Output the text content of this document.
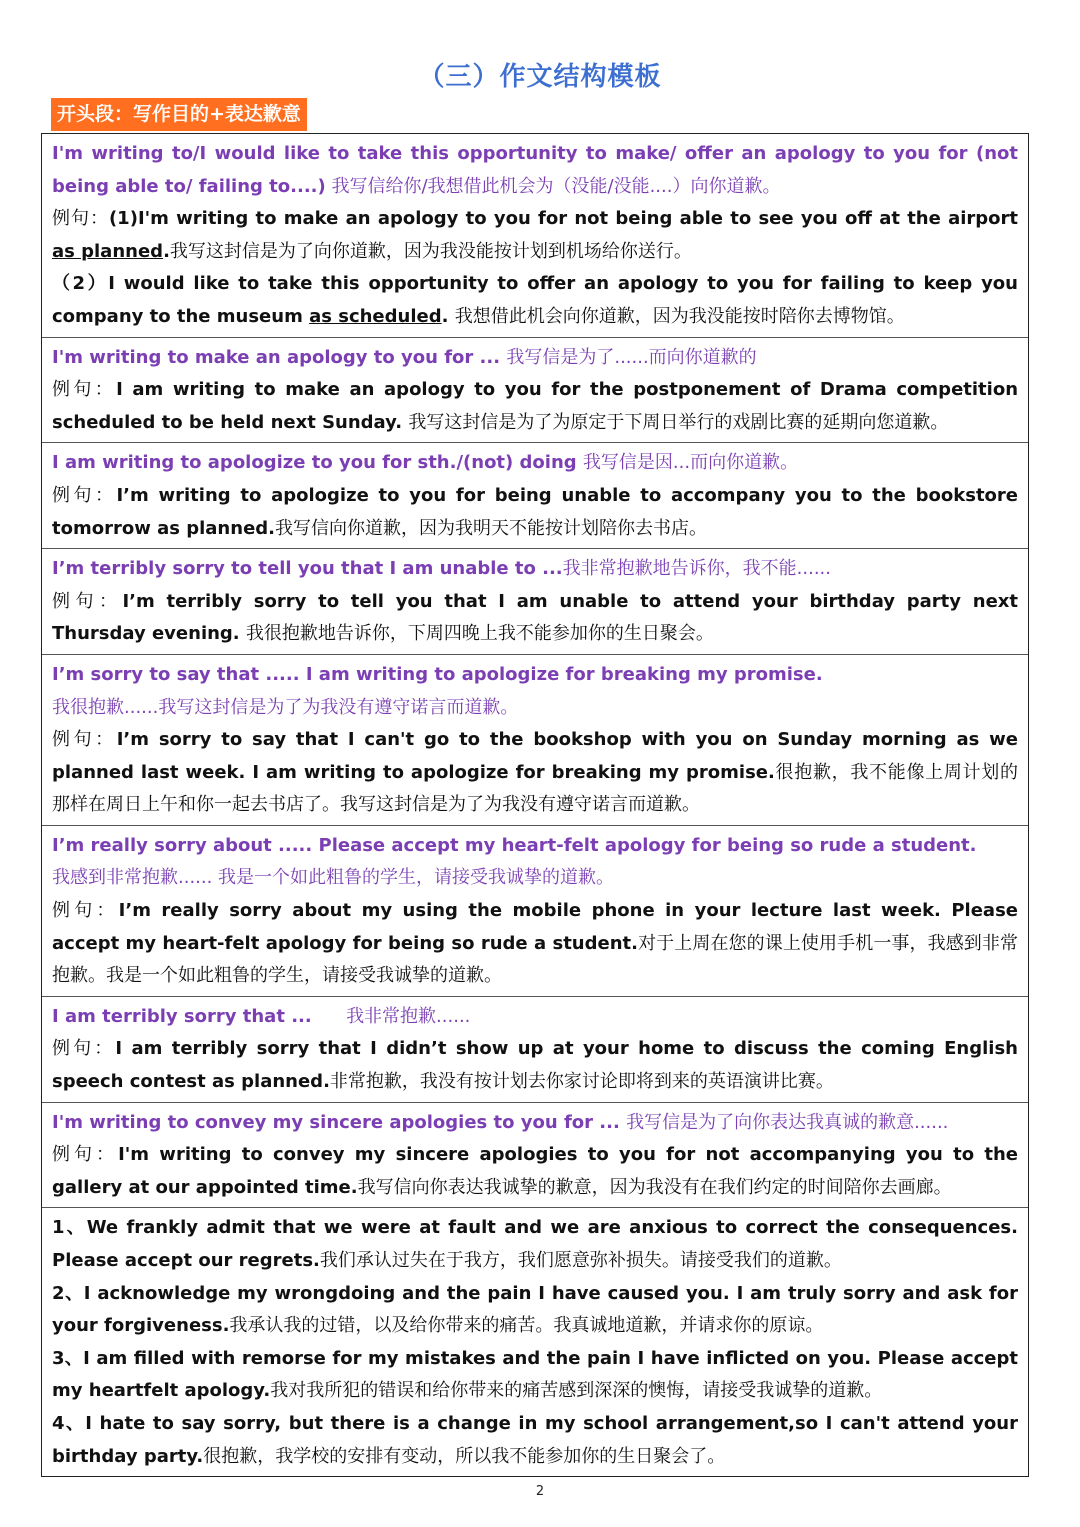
（三）作文结构模板
开头段：写作目的+表达歉意

I'm writing to/I would like to take this opportunity to make/ offer an apology to you for (not being able to/ failing to....) 我写信给你/我想借此机会为（没能/没能....）向你道歉。

例句：(1)I'm writing to make an apology to you for not being able to see you off at the airport as planned.我写这封信是为了向你道歉，因为我没能按计划到机场给你送行。

（2）I would like to take this opportunity to offer an apology to you for failing to keep you company to the museum as scheduled. 我想借此机会向你道歉，因为我没能按时陪你去博物馆。

I'm writing to make an apology to you for ... 我写信是为了......而向你道歉的

例句：I am writing to make an apology to you for the postponement of Drama competition scheduled to be held next Sunday. 我写这封信是为了为原定于下周日举行的戏剧比赛的延期向您道歉。

I am writing to apologize to you for sth./(not) doing 我写信是因...而向你道歉。

例句：I’m writing to apologize to you for being unable to accompany you to the bookstore tomorrow as planned.我写信向你道歉，因为我明天不能按计划陪你去书店。

I’m terribly sorry to tell you that I am unable to ...我非常抱歉地告诉你，我不能......

例句：I’m terribly sorry to tell you that I am unable to attend your birthday party next Thursday evening. 我很抱歉地告诉你，下周四晚上我不能参加你的生日聚会。

I’m sorry to say that ..... I am writing to apologize for breaking my promise.

我很抱歉......我写这封信是为了为我没有遵守诺言而道歉。

例句：I’m sorry to say that I can't go to the bookshop with you on Sunday morning as we planned last week. I am writing to apologize for breaking my promise.很抱歉，我不能像上周计划的那样在周日上午和你一起去书店了。我写这封信是为了为我没有遵守诺言而道歉。

I’m really sorry about ..... Please accept my heart-felt apology for being so rude a student.

我感到非常抱歉...... 我是一个如此粗鲁的学生，请接受我诚挚的道歉。

例句：I’m really sorry about my using the mobile phone in your lecture last week. Please accept my heart-felt apology for being so rude a student.对于上周在您的课上使用手机一事，我感到非常抱歉。我是一个如此粗鲁的学生，请接受我诚挚的道歉。

I am terribly sorry that ... 我非常抱歉......

例句：I am terribly sorry that I didn’t show up at your home to discuss the coming English speech contest as planned.非常抱歉，我没有按计划去你家讨论即将到来的英语演讲比赛。

I'm writing to convey my sincere apologies to you for ... 我写信是为了向你表达我真诚的歉意......

例句：I'm writing to convey my sincere apologies to you for not accompanying you to the gallery at our appointed time.我写信向你表达我诚挚的歉意，因为我没有在我们约定的时间陪你去画廊。

1、We frankly admit that we were at fault and we are anxious to correct the consequences. Please accept our regrets.我们承认过失在于我方，我们愿意弥补损失。请接受我们的道歉。

2、I acknowledge my wrongdoing and the pain I have caused you. I am truly sorry and ask for your forgiveness.我承认我的过错，以及给你带来的痛苦。我真诚地道歉，并请求你的原谅。

3、I am filled with remorse for my mistakes and the pain I have inflicted on you. Please accept my heartfelt apology.我对我所犯的错误和给你带来的痛苦感到深深的懊悔，请接受我诚挚的道歉。

4、I hate to say sorry, but there is a change in my school arrangement,so I can't attend your birthday party.很抱歉，我学校的安排有变动，所以我不能参加你的生日聚会了。

2
